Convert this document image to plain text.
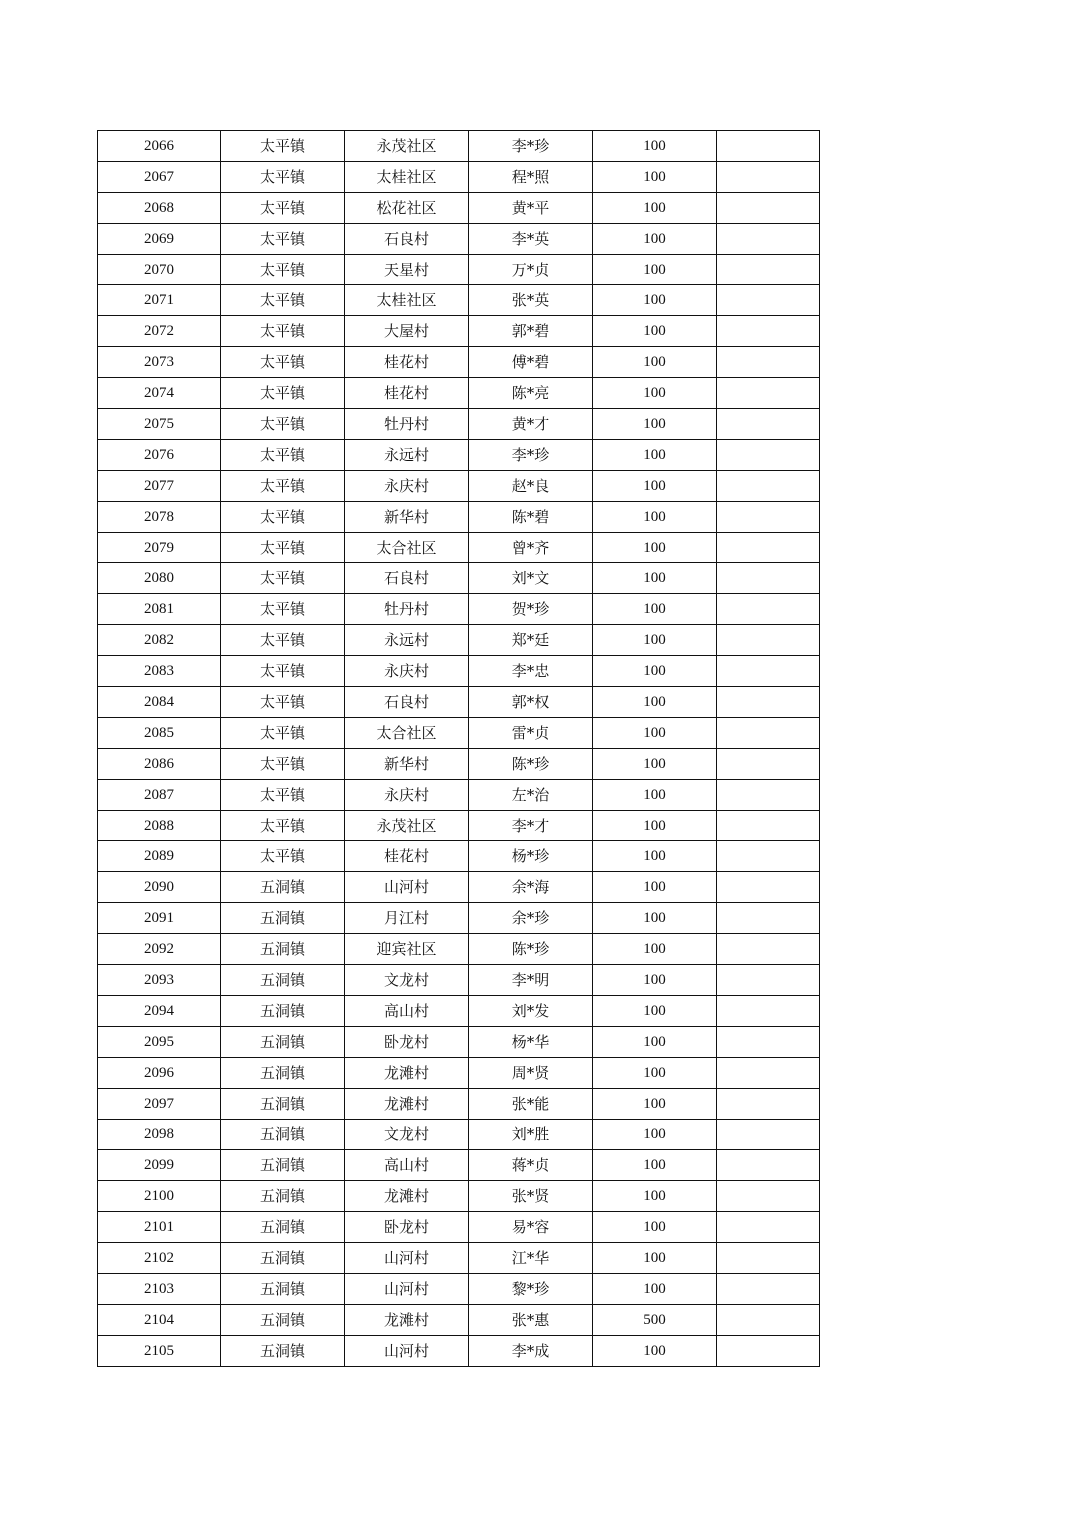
2066	太平镇	永茂社区	李*珍	100	
2067	太平镇	太桂社区	程*照	100	
2068	太平镇	松花社区	黄*平	100	
2069	太平镇	石良村	李*英	100	
2070	太平镇	天星村	万*贞	100	
2071	太平镇	太桂社区	张*英	100	
2072	太平镇	大屋村	郭*碧	100	
2073	太平镇	桂花村	傅*碧	100	
2074	太平镇	桂花村	陈*亮	100	
2075	太平镇	牡丹村	黄*才	100	
2076	太平镇	永远村	李*珍	100	
2077	太平镇	永庆村	赵*良	100	
2078	太平镇	新华村	陈*碧	100	
2079	太平镇	太合社区	曾*齐	100	
2080	太平镇	石良村	刘*文	100	
2081	太平镇	牡丹村	贺*珍	100	
2082	太平镇	永远村	郑*廷	100	
2083	太平镇	永庆村	李*忠	100	
2084	太平镇	石良村	郭*权	100	
2085	太平镇	太合社区	雷*贞	100	
2086	太平镇	新华村	陈*珍	100	
2087	太平镇	永庆村	左*治	100	
2088	太平镇	永茂社区	李*才	100	
2089	太平镇	桂花村	杨*珍	100	
2090	五洞镇	山河村	余*海	100	
2091	五洞镇	月江村	余*珍	100	
2092	五洞镇	迎宾社区	陈*珍	100	
2093	五洞镇	文龙村	李*明	100	
2094	五洞镇	高山村	刘*发	100	
2095	五洞镇	卧龙村	杨*华	100	
2096	五洞镇	龙滩村	周*贤	100	
2097	五洞镇	龙滩村	张*能	100	
2098	五洞镇	文龙村	刘*胜	100	
2099	五洞镇	高山村	蒋*贞	100	
2100	五洞镇	龙滩村	张*贤	100	
2101	五洞镇	卧龙村	易*容	100	
2102	五洞镇	山河村	江*华	100	
2103	五洞镇	山河村	黎*珍	100	
2104	五洞镇	龙滩村	张*惠	500	
2105	五洞镇	山河村	李*成	100	
